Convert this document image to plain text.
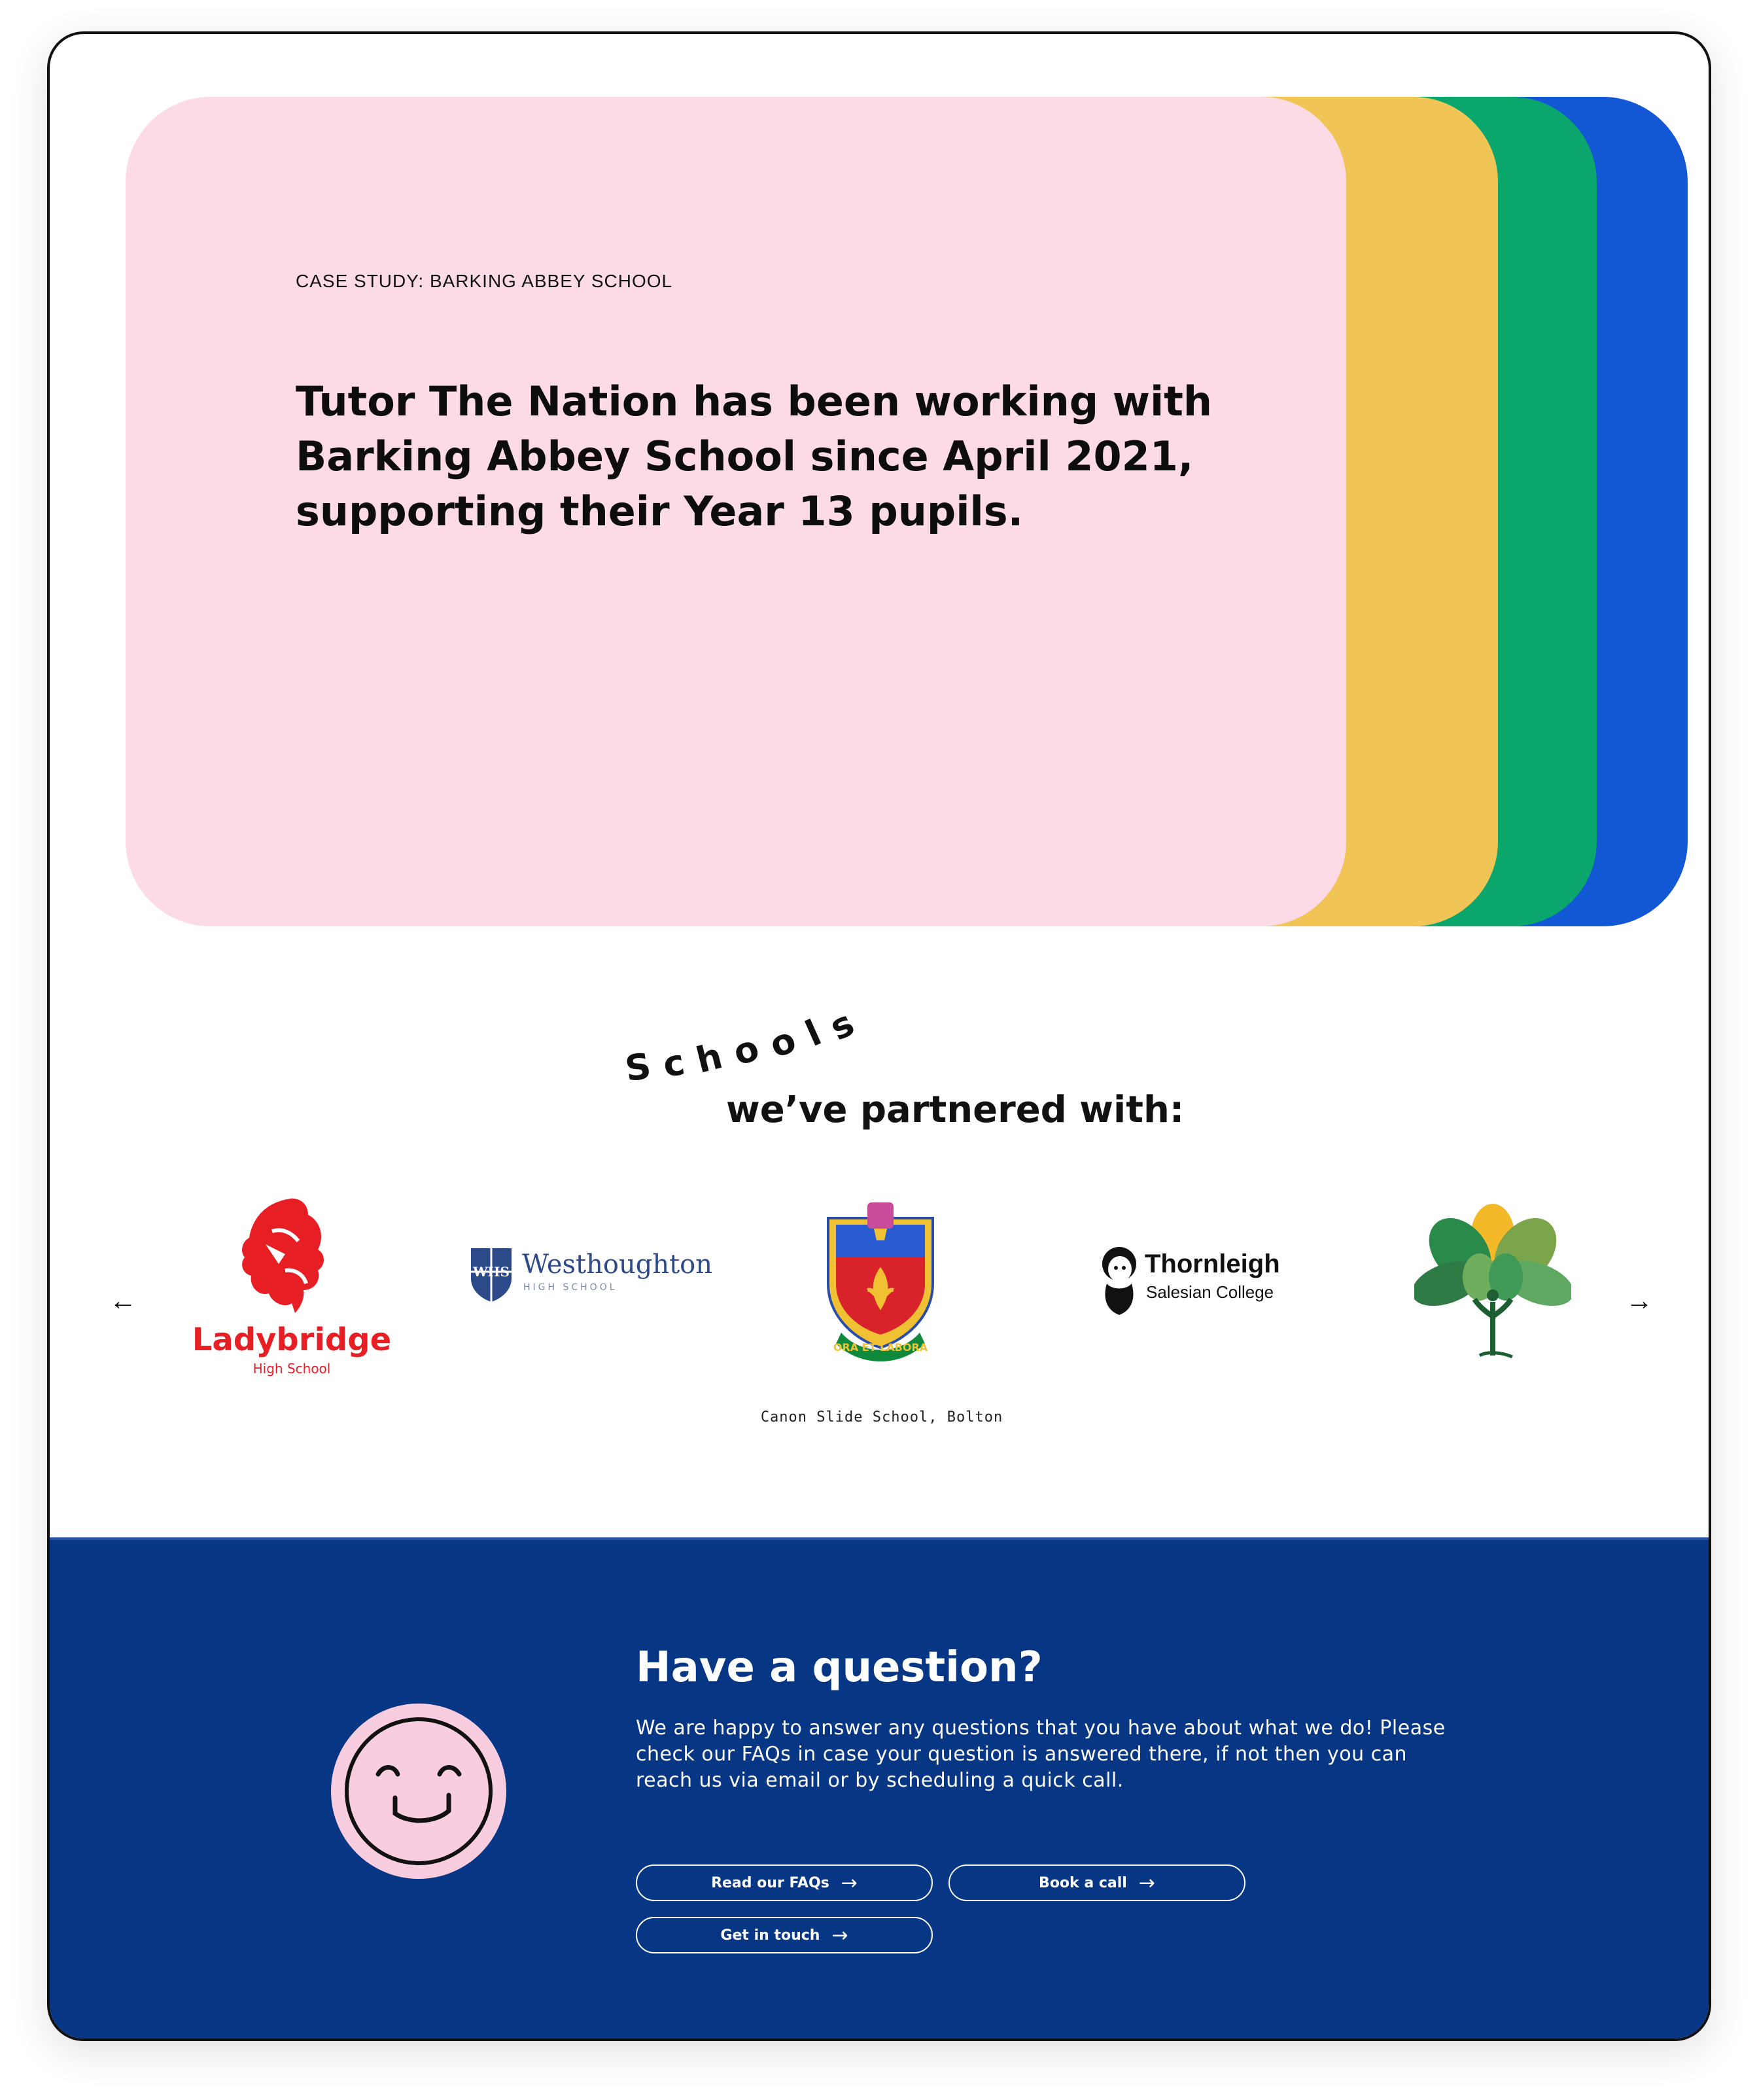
CASE STUDY: BARKING ABBEY SCHOOL
Tutor The Nation has been working with Barking Abbey School since April 2021, supporting their Year 13 pupils.
S c h o o l s
we’ve partnered with:
←	→
Ladybridge
High School
WHS Westhoughton
HIGH SCHOOL
ORA ET LABORA
Thornleigh
Salesian College
Canon Slide School, Bolton
Have a question?

We are happy to answer any questions that you have about what we do! Please check our FAQs in case your question is answered there, if not then you can reach us via email or by scheduling a quick call.

Read our FAQs →	Book a call →
Get in touch →
